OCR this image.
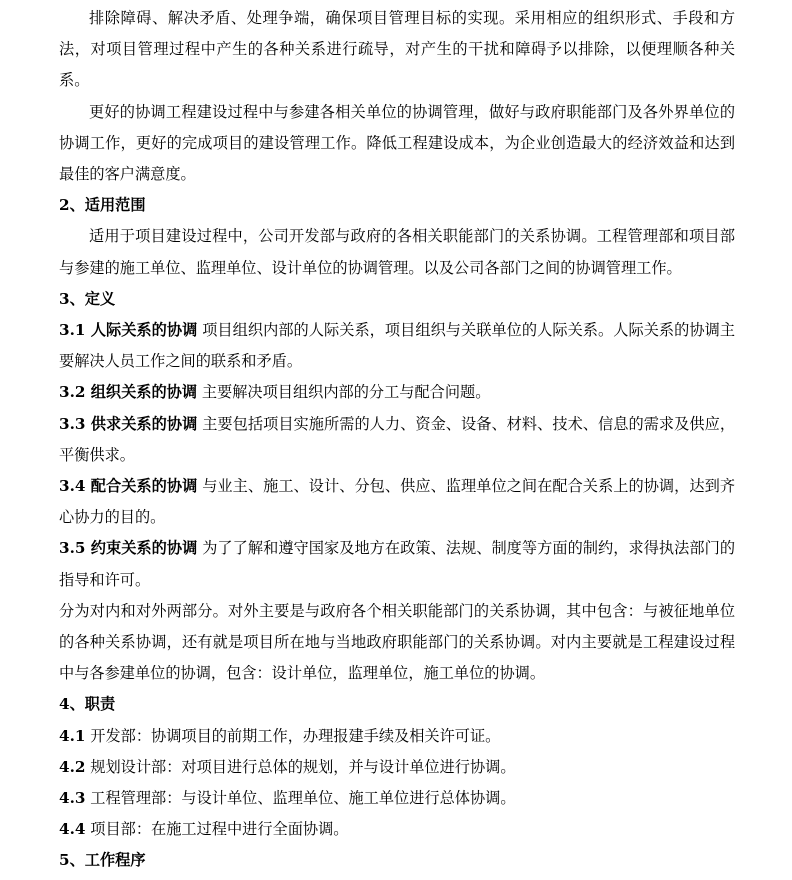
排除障碍、解决矛盾、处理争端，确保项目管理目标的实现。采用相应的组织形式、手段和方法，对项目管理过程中产生的各种关系进行疏导，对产生的干扰和障碍予以排除，以便理顺各种关系。

更好的协调工程建设过程中与参建各相关单位的协调管理，做好与政府职能部门及各外界单位的协调工作，更好的完成项目的建设管理工作。降低工程建设成本，为企业创造最大的经济效益和达到最佳的客户满意度。

2、适用范围

适用于项目建设过程中，公司开发部与政府的各相关职能部门的关系协调。工程管理部和项目部与参建的施工单位、监理单位、设计单位的协调管理。以及公司各部门之间的协调管理工作。

3、定义

3.1 人际关系的协调 项目组织内部的人际关系，项目组织与关联单位的人际关系。人际关系的协调主要解决人员工作之间的联系和矛盾。

3.2 组织关系的协调 主要解决项目组织内部的分工与配合问题。

3.3 供求关系的协调 主要包括项目实施所需的人力、资金、设备、材料、技术、信息的需求及供应，平衡供求。

3.4 配合关系的协调 与业主、施工、设计、分包、供应、监理单位之间在配合关系上的协调，达到齐心协力的目的。

3.5 约束关系的协调 为了了解和遵守国家及地方在政策、法规、制度等方面的制约，求得执法部门的指导和许可。

分为对内和对外两部分。对外主要是与政府各个相关职能部门的关系协调，其中包含：与被征地单位的各种关系协调，还有就是项目所在地与当地政府职能部门的关系协调。对内主要就是工程建设过程中与各参建单位的协调，包含：设计单位，监理单位，施工单位的协调。

4、职责

4.1 开发部：协调项目的前期工作，办理报建手续及相关许可证。

4.2 规划设计部：对项目进行总体的规划，并与设计单位进行协调。

4.3 工程管理部：与设计单位、监理单位、施工单位进行总体协调。

4.4 项目部：在施工过程中进行全面协调。

5、工作程序
